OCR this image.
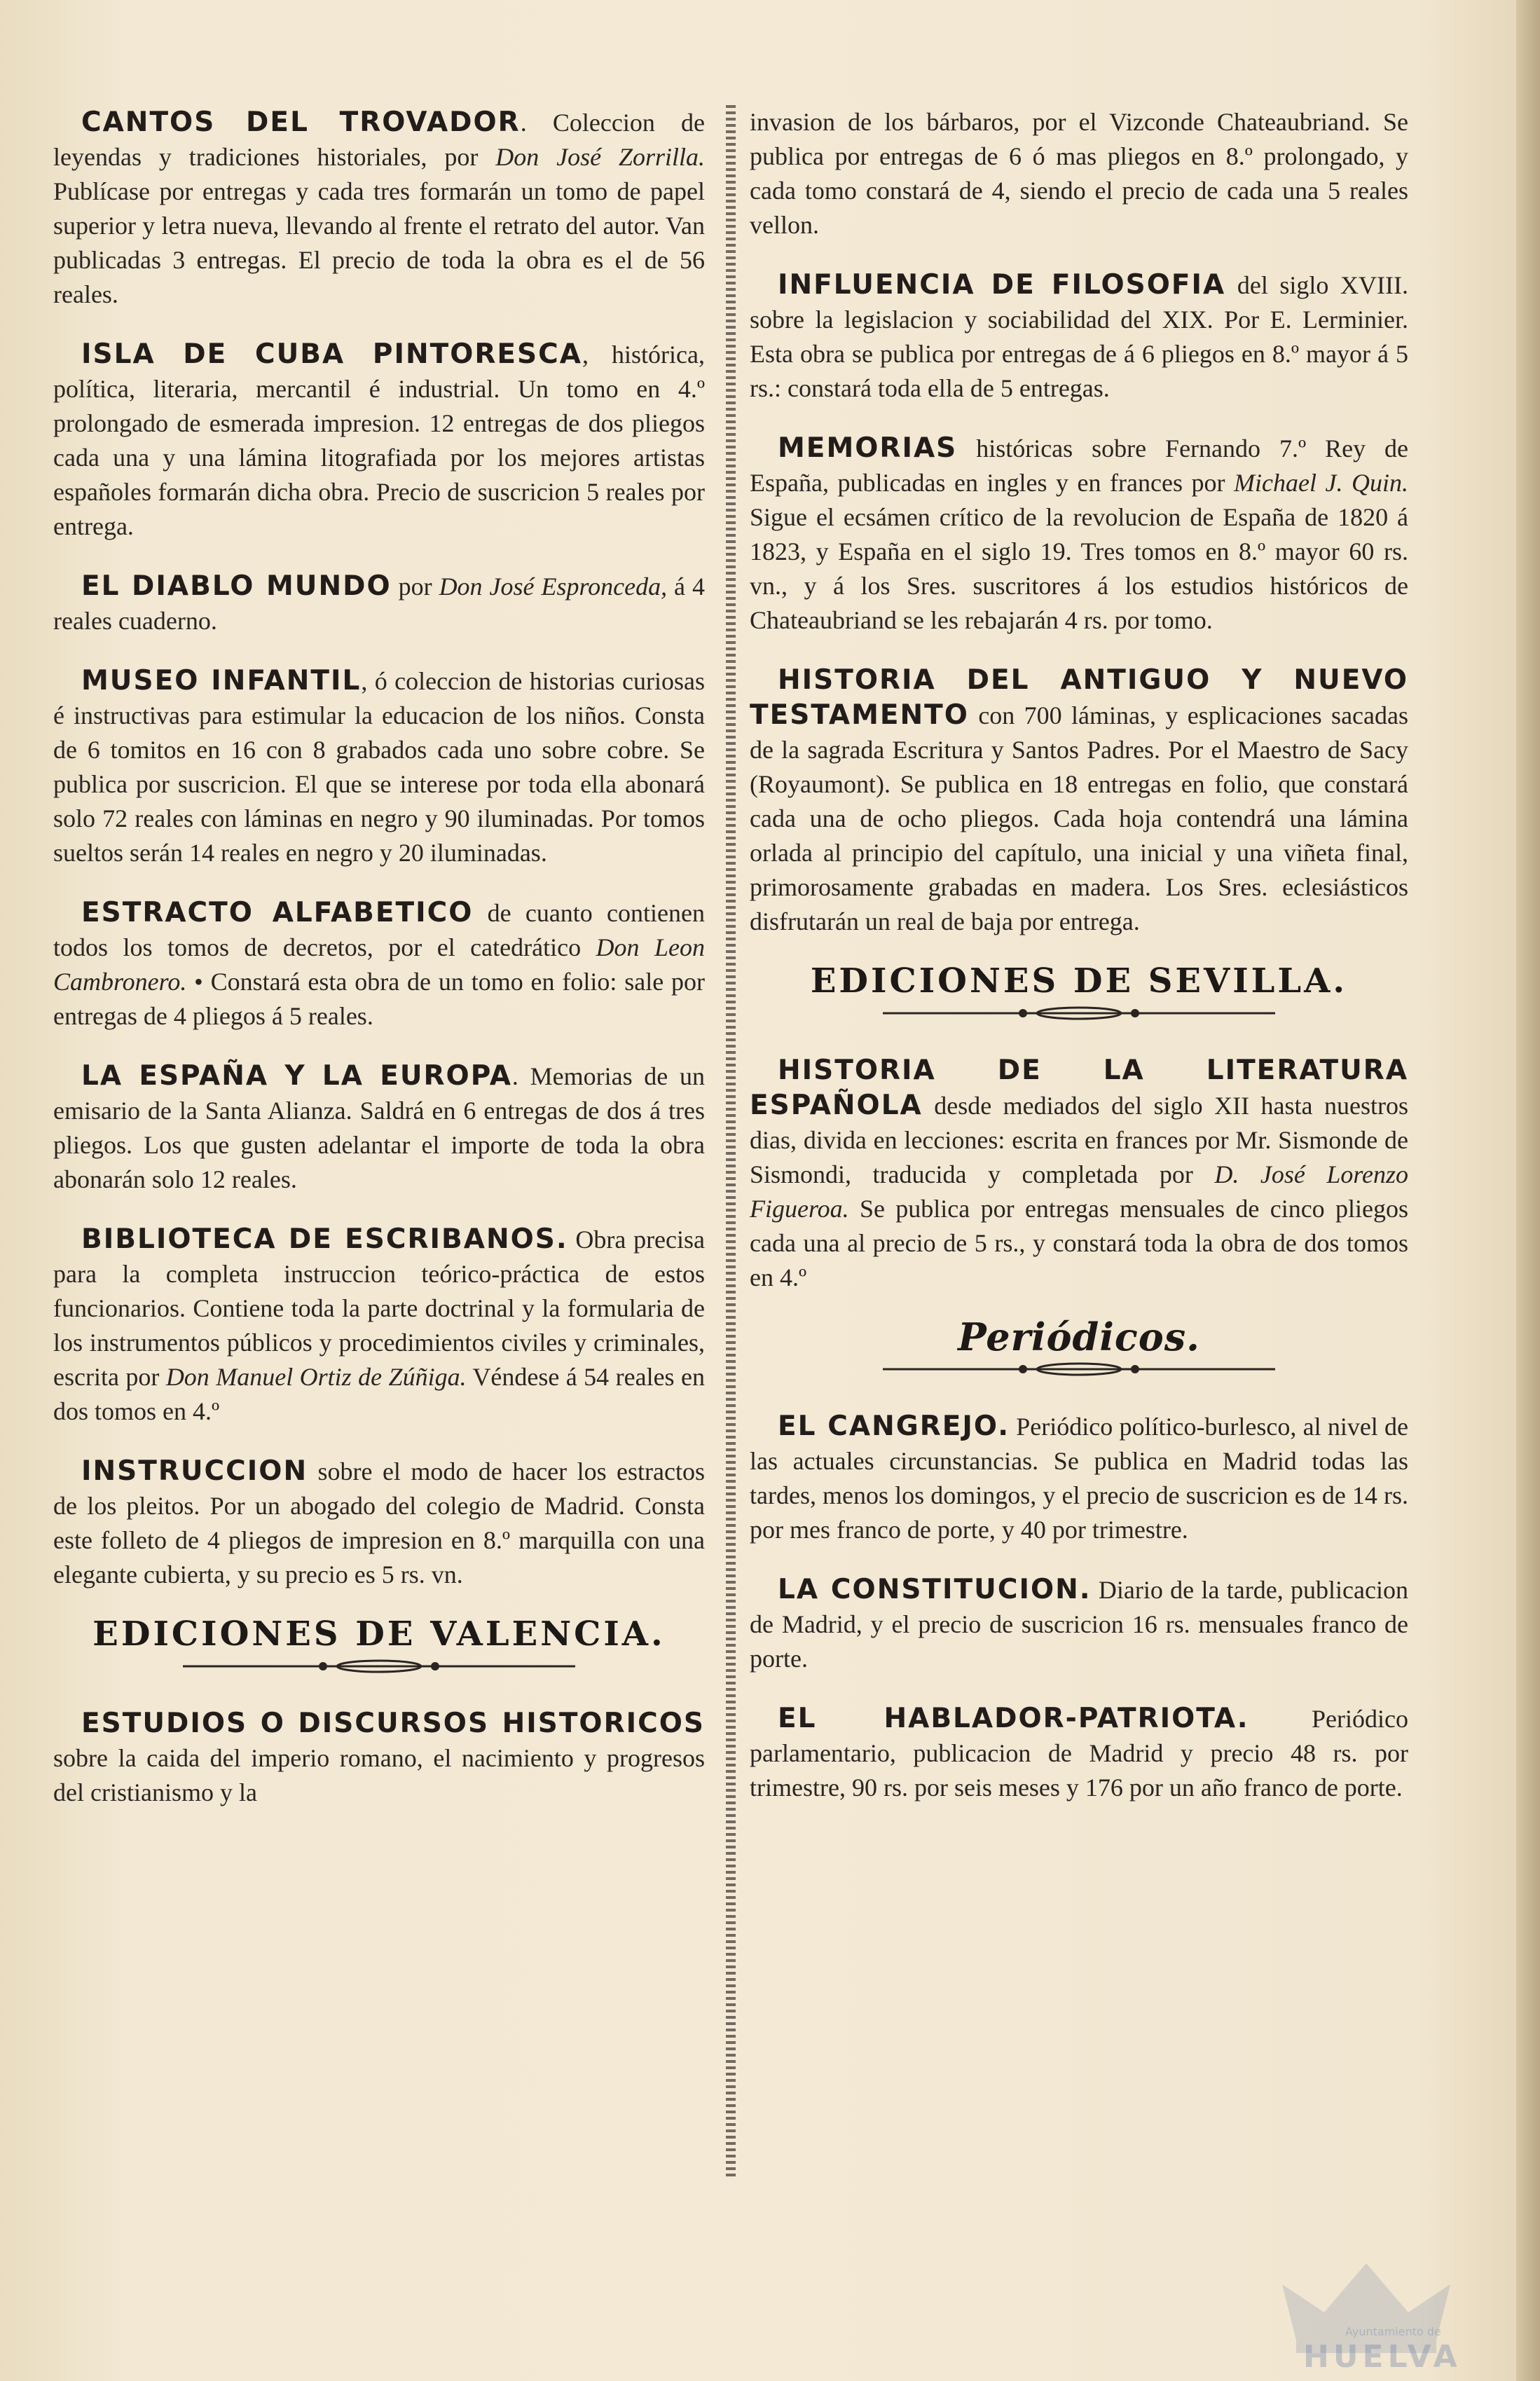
CANTOS DEL TROVADOR. Coleccion de leyendas y tradiciones historiales, por Don José Zorrilla. Publícase por entregas y cada tres formarán un tomo de papel superior y letra nueva, llevando al frente el retrato del autor. Van publicadas 3 entregas. El precio de toda la obra es el de 56 reales.

ISLA DE CUBA PINTORESCA, histórica, política, literaria, mercantil é industrial. Un tomo en 4.º prolongado de esmerada impresion. 12 entregas de dos pliegos cada una y una lámina litografiada por los mejores artistas españoles formarán dicha obra. Precio de suscricion 5 reales por entrega.

EL DIABLO MUNDO por Don José Espronceda, á 4 reales cuaderno.

MUSEO INFANTIL, ó coleccion de historias curiosas é instructivas para estimular la educacion de los niños. Consta de 6 tomitos en 16 con 8 grabados cada uno sobre cobre. Se publica por suscricion. El que se interese por toda ella abonará solo 72 reales con láminas en negro y 90 iluminadas. Por tomos sueltos serán 14 reales en negro y 20 iluminadas.

ESTRACTO ALFABETICO de cuanto contienen todos los tomos de decretos, por el catedrático Don Leon Cambronero. • Constará esta obra de un tomo en folio: sale por entregas de 4 pliegos á 5 reales.

LA ESPAÑA Y LA EUROPA. Memorias de un emisario de la Santa Alianza. Saldrá en 6 entregas de dos á tres pliegos. Los que gusten adelantar el importe de toda la obra abonarán solo 12 reales.

BIBLIOTECA DE ESCRIBANOS. Obra precisa para la completa instruccion teórico-práctica de estos funcionarios. Contiene toda la parte doctrinal y la formularia de los instrumentos públicos y procedimientos civiles y criminales, escrita por Don Manuel Ortiz de Zúñiga. Véndese á 54 reales en dos tomos en 4.º

INSTRUCCION sobre el modo de hacer los estractos de los pleitos. Por un abogado del colegio de Madrid. Consta este folleto de 4 pliegos de impresion en 8.º marquilla con una elegante cubierta, y su precio es 5 rs. vn.

EDICIONES DE VALENCIA.

ESTUDIOS O DISCURSOS HISTORICOS sobre la caida del imperio romano, el nacimiento y progresos del cristianismo y la

invasion de los bárbaros, por el Vizconde Chateaubriand. Se publica por entregas de 6 ó mas pliegos en 8.º prolongado, y cada tomo constará de 4, siendo el precio de cada una 5 reales vellon.

INFLUENCIA DE FILOSOFIA del siglo XVIII. sobre la legislacion y sociabilidad del XIX. Por E. Lerminier. Esta obra se publica por entregas de á 6 pliegos en 8.º mayor á 5 rs.: constará toda ella de 5 entregas.

MEMORIAS históricas sobre Fernando 7.º Rey de España, publicadas en ingles y en frances por Michael J. Quin. Sigue el ecsámen crítico de la revolucion de España de 1820 á 1823, y España en el siglo 19. Tres tomos en 8.º mayor 60 rs. vn., y á los Sres. suscritores á los estudios históricos de Chateaubriand se les rebajarán 4 rs. por tomo.

HISTORIA DEL ANTIGUO Y NUEVO TESTAMENTO con 700 láminas, y esplicaciones sacadas de la sagrada Escritura y Santos Padres. Por el Maestro de Sacy (Royaumont). Se publica en 18 entregas en folio, que constará cada una de ocho pliegos. Cada hoja contendrá una lámina orlada al principio del capítulo, una inicial y una viñeta final, primorosamente grabadas en madera. Los Sres. eclesiásticos disfrutarán un real de baja por entrega.

EDICIONES DE SEVILLA.

HISTORIA DE LA LITERATURA ESPAÑOLA desde mediados del siglo XII hasta nuestros dias, divida en lecciones: escrita en frances por Mr. Sismonde de Sismondi, traducida y completada por D. José Lorenzo Figueroa. Se publica por entregas mensuales de cinco pliegos cada una al precio de 5 rs., y constará toda la obra de dos tomos en 4.º

Periódicos.

EL CANGREJO. Periódico político-burlesco, al nivel de las actuales circunstancias. Se publica en Madrid todas las tardes, menos los domingos, y el precio de suscricion es de 14 rs. por mes franco de porte, y 40 por trimestre.

LA CONSTITUCION. Diario de la tarde, publicacion de Madrid, y el precio de suscricion 16 rs. mensuales franco de porte.

EL HABLADOR-PATRIOTA. Periódico parlamentario, publicacion de Madrid y precio 48 rs. por trimestre, 90 rs. por seis meses y 176 por un año franco de porte.

Ayuntamiento de
HUELVA
